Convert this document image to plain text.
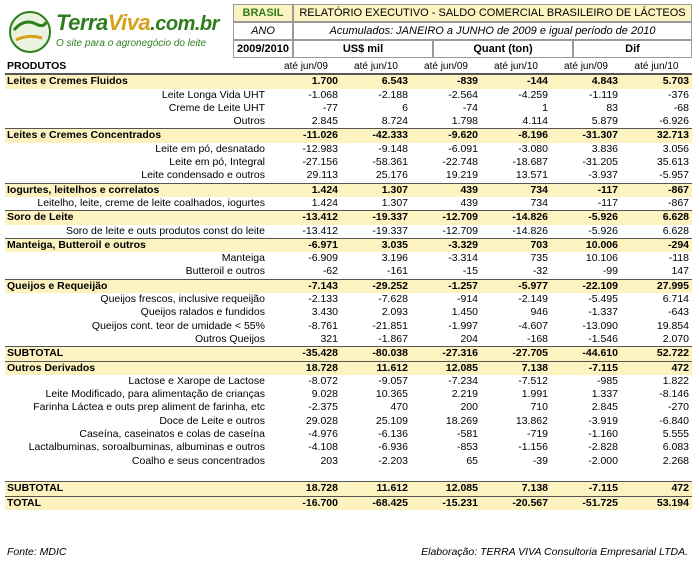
TerraViva.com.br
O site para o agronegócio do leite
BRASIL
ANO
2009/2010
RELATÓRIO EXECUTIVO - SALDO COMERCIAL BRASILEIRO DE LÁCTEOS
Acumulados: JANEIRO a JUNHO de 2009 e igual período de 2010
US$ mil	Quant (ton)	Dif
PRODUTOS	até jun/09	até jun/10	até jun/09	até jun/10	até jun/09	até jun/10
Leites e Cremes Fluidos	1.700	6.543	-839	-144	4.843	5.703
Leite Longa Vida UHT	-1.068	-2.188	-2.564	-4.259	-1.119	-376
Creme de Leite UHT	-77	6	-74	1	83	-68
Outros	2.845	8.724	1.798	4.114	5.879	-6.926
Leites e Cremes Concentrados	-11.026	-42.333	-9.620	-8.196	-31.307	32.713
Leite em pó, desnatado	-12.983	-9.148	-6.091	-3.080	3.836	3.056
Leite em pó, Integral	-27.156	-58.361	-22.748	-18.687	-31.205	35.613
Leite condensado e outros	29.113	25.176	19.219	13.571	-3.937	-5.957
Iogurtes, leitelhos e correlatos	1.424	1.307	439	734	-117	-867
Leitelho, leite, creme de leite coalhados, iogurtes	1.424	1.307	439	734	-117	-867
Soro de Leite	-13.412	-19.337	-12.709	-14.826	-5.926	6.628
Soro de leite e outs produtos const do leite	-13.412	-19.337	-12.709	-14.826	-5.926	6.628
Manteiga, Butteroil e outros	-6.971	3.035	-3.329	703	10.006	-294
Manteiga	-6.909	3.196	-3.314	735	10.106	-118
Butteroil e outros	-62	-161	-15	-32	-99	147
Queijos e Requeijão	-7.143	-29.252	-1.257	-5.977	-22.109	27.995
Queijos frescos, inclusive requeijão	-2.133	-7.628	-914	-2.149	-5.495	6.714
Queijos ralados e fundidos	3.430	2.093	1.450	946	-1.337	-643
Queijos cont. teor de umidade < 55%	-8.761	-21.851	-1.997	-4.607	-13.090	19.854
Outros Queijos	321	-1.867	204	-168	-1.546	2.070
SUBTOTAL	-35.428	-80.038	-27.316	-27.705	-44.610	52.722
Outros Derivados	18.728	11.612	12.085	7.138	-7.115	472
Lactose e Xarope de Lactose	-8.072	-9.057	-7.234	-7.512	-985	1.822
Leite Modificado, para alimentação de crianças	9.028	10.365	2.219	1.991	1.337	-8.146
Farinha Láctea e outs prep aliment de farinha, etc	-2.375	470	200	710	2.845	-270
Doce de Leite e outros	29.028	25.109	18.269	13.862	-3.919	-6.840
Caseína, caseinatos e colas de caseína	-4.976	-6.136	-581	-719	-1.160	5.555
Lactalbuminas, soroalbuminas, albuminas e outros	-4.108	-6.936	-853	-1.156	-2.828	6.083
Coalho e seus concentrados	203	-2.203	65	-39	-2.000	2.268
SUBTOTAL	18.728	11.612	12.085	7.138	-7.115	472
TOTAL	-16.700	-68.425	-15.231	-20.567	-51.725	53.194
Fonte: MDIC	Elaboração: TERRA VIVA Consultoria Empresarial LTDA.
